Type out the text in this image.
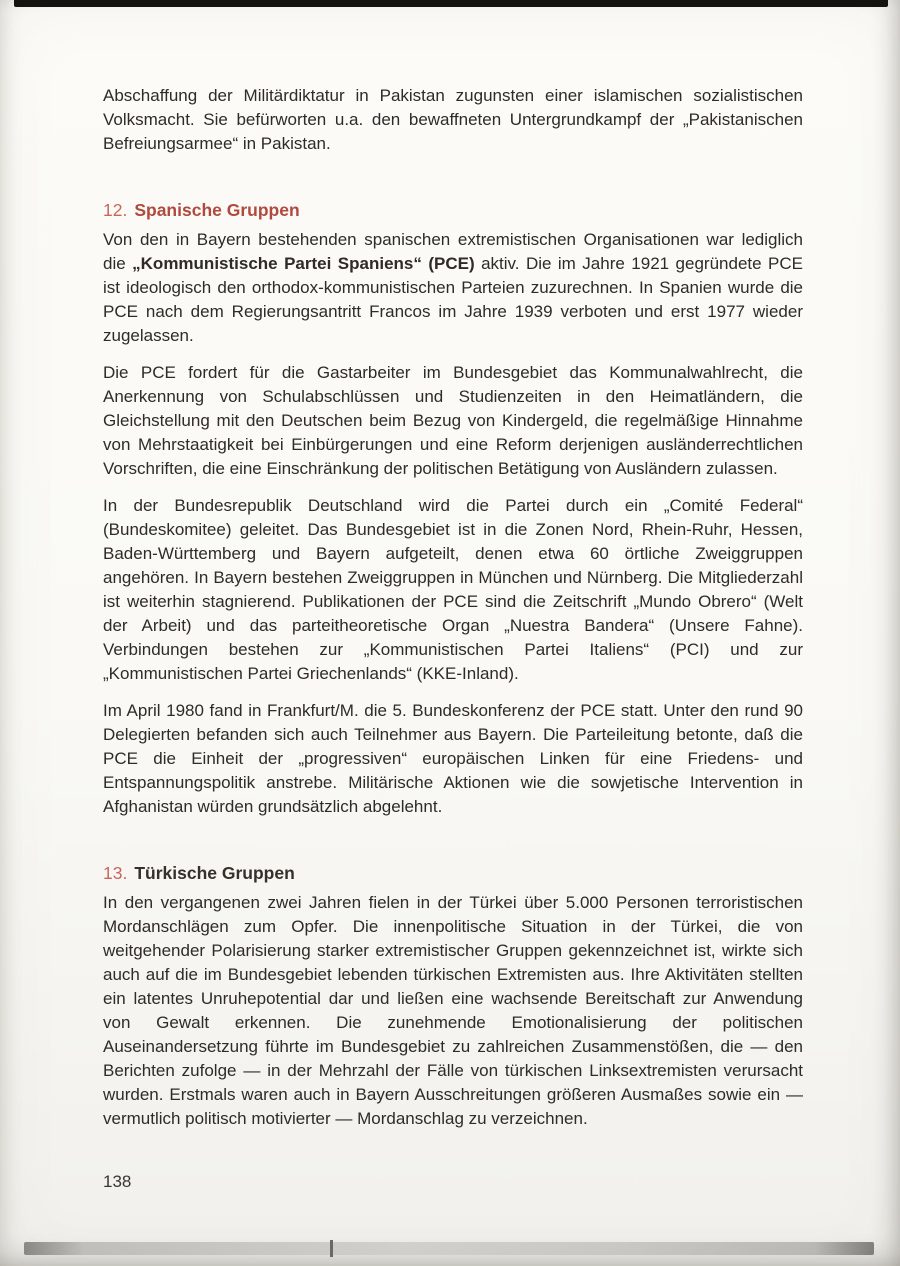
Abschaffung der Militärdiktatur in Pakistan zugunsten einer islamischen sozialistischen Volksmacht. Sie befürworten u.a. den bewaffneten Untergrundkampf der „Pakistanischen Befreiungsarmee“ in Pakistan.

12. Spanische Gruppen

Von den in Bayern bestehenden spanischen extremistischen Organisationen war lediglich die „Kommunistische Partei Spaniens“ (PCE) aktiv. Die im Jahre 1921 gegründete PCE ist ideologisch den orthodox-kommunistischen Parteien zuzurechnen. In Spanien wurde die PCE nach dem Regierungsantritt Francos im Jahre 1939 verboten und erst 1977 wieder zugelassen.

Die PCE fordert für die Gastarbeiter im Bundesgebiet das Kommunalwahlrecht, die Anerkennung von Schulabschlüssen und Studienzeiten in den Heimatländern, die Gleichstellung mit den Deutschen beim Bezug von Kindergeld, die regelmäßige Hinnahme von Mehrstaatigkeit bei Einbürgerungen und eine Reform derjenigen ausländerrechtlichen Vorschriften, die eine Einschränkung der politischen Betätigung von Ausländern zulassen.

In der Bundesrepublik Deutschland wird die Partei durch ein „Comité Federal“ (Bundeskomitee) geleitet. Das Bundesgebiet ist in die Zonen Nord, Rhein-Ruhr, Hessen, Baden-Württemberg und Bayern aufgeteilt, denen etwa 60 örtliche Zweiggruppen angehören. In Bayern bestehen Zweiggruppen in München und Nürnberg. Die Mitgliederzahl ist weiterhin stagnierend. Publikationen der PCE sind die Zeitschrift „Mundo Obrero“ (Welt der Arbeit) und das parteitheoretische Organ „Nuestra Bandera“ (Unsere Fahne). Verbindungen bestehen zur „Kommunistischen Partei Italiens“ (PCI) und zur „Kommunistischen Partei Griechenlands“ (KKE-Inland).

Im April 1980 fand in Frankfurt/M. die 5. Bundeskonferenz der PCE statt. Unter den rund 90 Delegierten befanden sich auch Teilnehmer aus Bayern. Die Parteileitung betonte, daß die PCE die Einheit der „progressiven“ europäischen Linken für eine Friedens- und Entspannungspolitik anstrebe. Militärische Aktionen wie die sowjetische Intervention in Afghanistan würden grundsätzlich abgelehnt.

13. Türkische Gruppen

In den vergangenen zwei Jahren fielen in der Türkei über 5.000 Personen terroristischen Mordanschlägen zum Opfer. Die innenpolitische Situation in der Türkei, die von weitgehender Polarisierung starker extremistischer Gruppen gekennzeichnet ist, wirkte sich auch auf die im Bundesgebiet lebenden türkischen Extremisten aus. Ihre Aktivitäten stellten ein latentes Unruhepotential dar und ließen eine wachsende Bereitschaft zur Anwendung von Gewalt erkennen. Die zunehmende Emotionalisierung der politischen Auseinandersetzung führte im Bundesgebiet zu zahlreichen Zusammenstößen, die — den Berichten zufolge — in der Mehrzahl der Fälle von türkischen Linksextremisten verursacht wurden. Erstmals waren auch in Bayern Ausschreitungen größeren Ausmaßes sowie ein — vermutlich politisch motivierter — Mordanschlag zu verzeichnen.

138
